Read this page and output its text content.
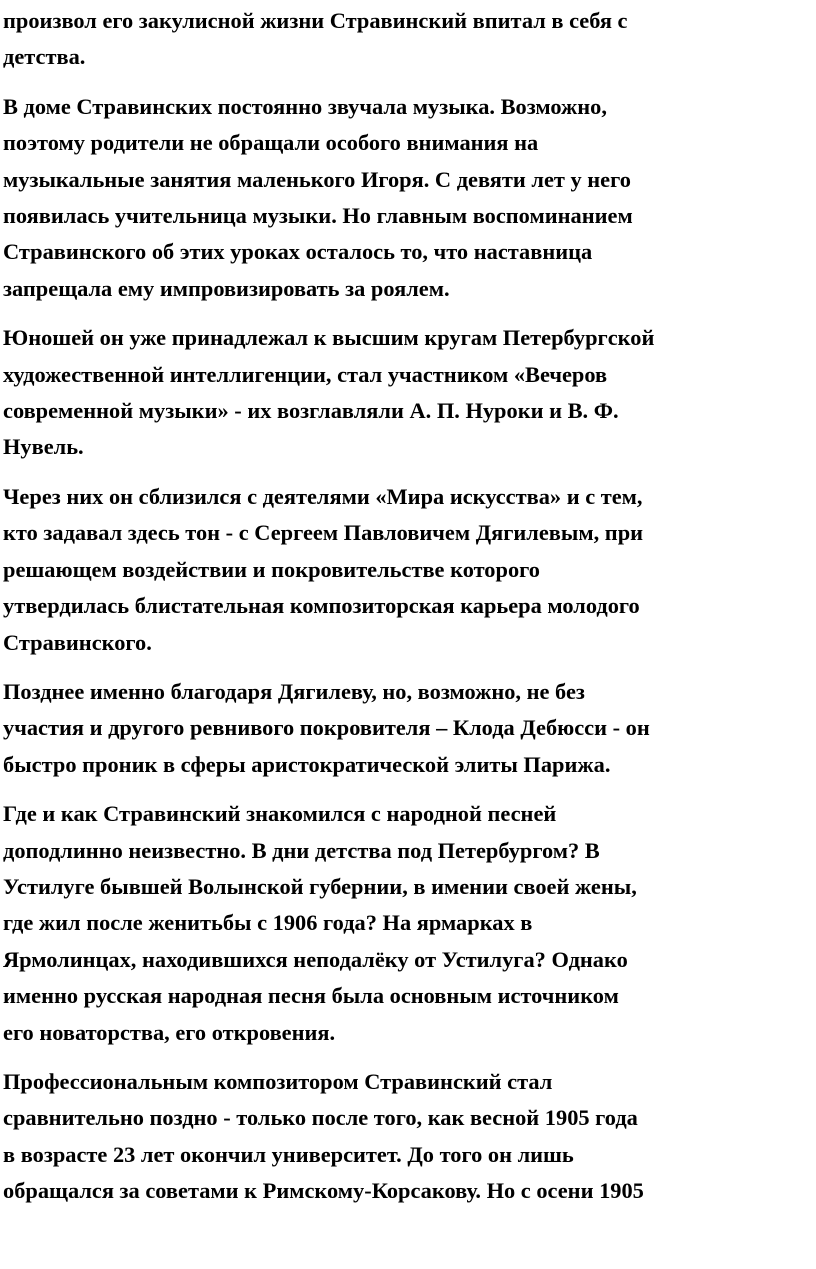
произвол его закулисной жизни Стравинский впитал в себя с
детства.

В доме Стравинских постоянно звучала музыка. Возможно,
поэтому родители не обращали особого внимания на
музыкальные занятия маленького Игоря. С девяти лет у него
появилась учительница музыки. Но главным воспоминанием
Стравинского об этих уроках осталось то, что наставница
запрещала ему импровизировать за роялем.

Юношей он уже принадлежал к высшим кругам Петербургской
художественной интеллигенции, стал участником «Вечеров
современной музыки» - их возглавляли А. П. Нуроки и В. Ф.
Нувель.

Через них он сблизился с деятелями «Мира искусства» и с тем,
кто задавал здесь тон - с Сергеем Павловичем Дягилевым, при
решающем воздействии и покровительстве которого
утвердилась блистательная композиторская карьера молодого
Стравинского.

Позднее именно благодаря Дягилеву, но, возможно, не без
участия и другого ревнивого покровителя – Клода Дебюсси - он
быстро проник в сферы аристократической элиты Парижа.

Где и как Стравинский знакомился с народной песней
доподлинно неизвестно. В дни детства под Петербургом? В
Устилуге бывшей Волынской губернии, в имении своей жены,
где жил после женитьбы с 1906 года? На ярмарках в
Ярмолинцах, находившихся неподалёку от Устилуга? Однако
именно русская народная песня была основным источником
его новаторства, его откровения.

Профессиональным композитором Стравинский стал
сравнительно поздно - только после того, как весной 1905 года
в возрасте 23 лет окончил университет. До того он лишь
обращался за советами к Римскому-Корсакову. Но с осени 1905
